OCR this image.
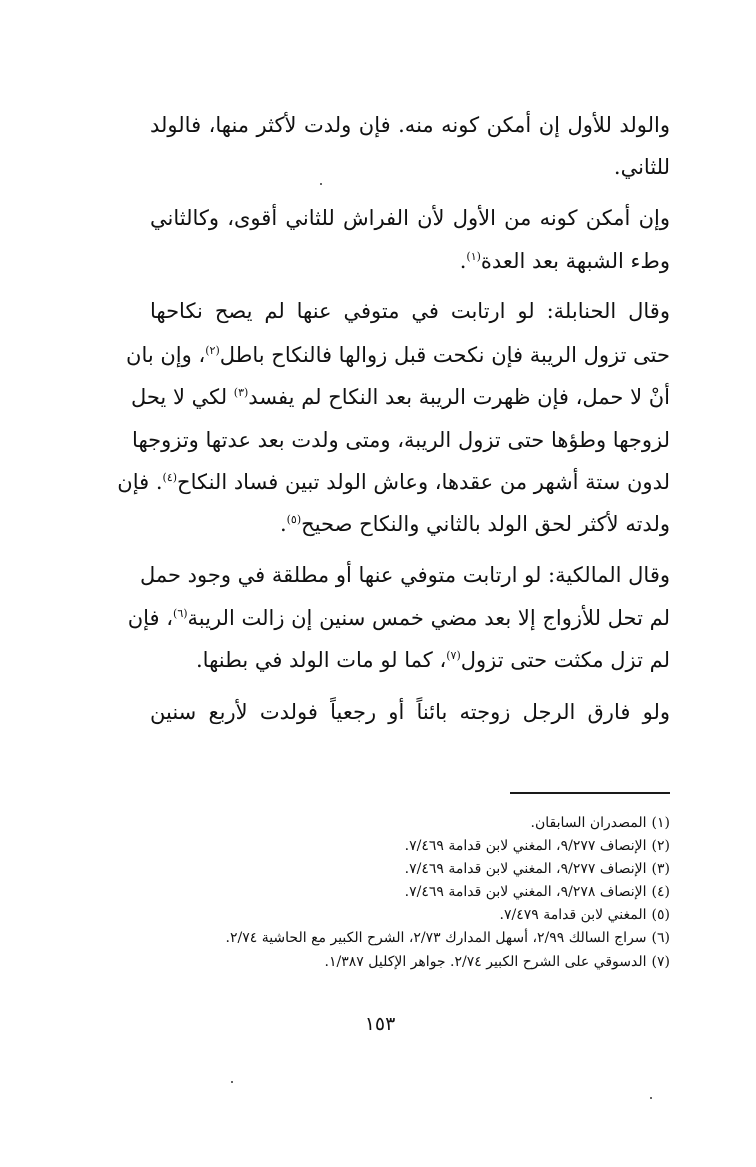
والولد للأول إن أمكن كونه منه. فإن ولدت لأكثر منها، فالولد
للثاني.
وإن أمكن كونه من الأول لأن الفراش للثاني أقوى، وكالثاني
وطء الشبهة بعد العدة$^{(١)}$.
وقال الحنابلة: لو ارتابت في متوفي عنها لم يصح نكاحها
حتى تزول الريبة فإن نكحت قبل زوالها فالنكاح باطل$^{(٢)}$، وإن بان
أنْ لا حمل، فإن ظهرت الريبة بعد النكاح لم يفسد$^{(٣)}$ لكي لا يحل
لزوجها وطؤها حتى تزول الريبة، ومتى ولدت بعد عدتها وتزوجها
لدون ستة أشهر من عقدها، وعاش الولد تبين فساد النكاح$^{(٤)}$. فإن
ولدته لأكثر لحق الولد بالثاني والنكاح صحيح$^{(٥)}$.
وقال المالكية: لو ارتابت متوفي عنها أو مطلقة في وجود حمل
لم تحل للأزواج إلا بعد مضي خمس سنين إن زالت الريبة$^{(٦)}$، فإن
لم تزل مكثت حتى تزول$^{(٧)}$، كما لو مات الولد في بطنها.
ولو فارق الرجل زوجته بائناً أو رجعياً فولدت لأربع سنين
(١)المصدران السابقان.
(٢)الإنصاف ٩/٢٧٧، المغني لابن قدامة ٧/٤٦٩.
(٣)الإنصاف ٩/٢٧٧، المغني لابن قدامة ٧/٤٦٩.
(٤)الإنصاف ٩/٢٧٨، المغني لابن قدامة ٧/٤٦٩.
(٥)المغني لابن قدامة ٧/٤٧٩.
(٦)سراج السالك ٢/٩٩، أسهل المدارك ٢/٧٣، الشرح الكبير مع الحاشية ٢/٧٤.
(٧)الدسوقي على الشرح الكبير ٢/٧٤. جواهر الإكليل ١/٣٨٧.
١٥٣
